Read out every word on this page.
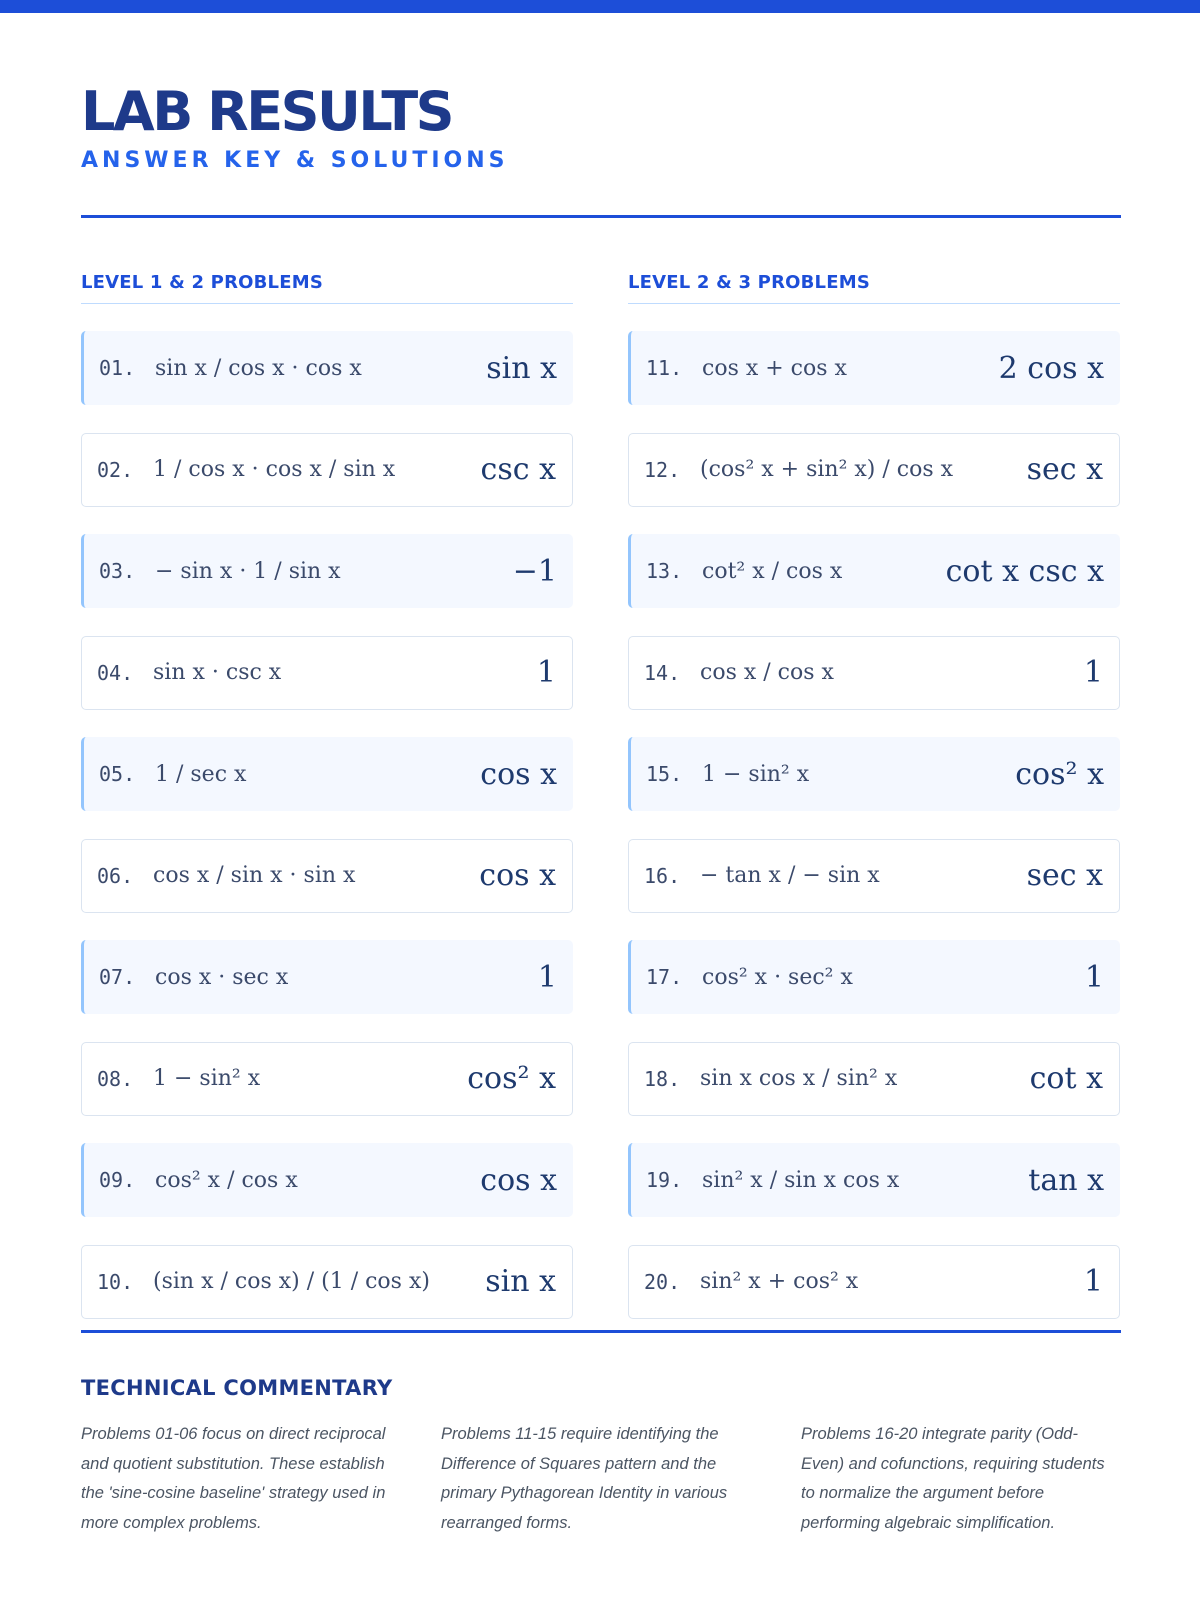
LAB RESULTS
ANSWER KEY & SOLUTIONS
LEVEL 1 & 2 PROBLEMS
01. sin x / cos x · cos x	sin x
02. 1 / cos x · cos x / sin x	csc x
03. − sin x · 1 / sin x	−1
04. sin x · csc x	1
05. 1 / sec x	cos x
06. cos x / sin x · sin x	cos x
07. cos x · sec x	1
08. 1 − sin² x	cos² x
09. cos² x / cos x	cos x
10. (sin x / cos x) / (1 / cos x)	sin x
LEVEL 2 & 3 PROBLEMS
11. cos x + cos x	2 cos x
12. (cos² x + sin² x) / cos x	sec x
13. cot² x / cos x	cot x csc x
14. cos x / cos x	1
15. 1 − sin² x	cos² x
16. − tan x / − sin x	sec x
17. cos² x · sec² x	1
18. sin x cos x / sin² x	cot x
19. sin² x / sin x cos x	tan x
20. sin² x + cos² x	1
TECHNICAL COMMENTARY
Problems 01-06 focus on direct reciprocal and quotient substitution. These establish the 'sine-cosine baseline' strategy used in more complex problems.
Problems 11-15 require identifying the Difference of Squares pattern and the primary Pythagorean Identity in various rearranged forms.
Problems 16-20 integrate parity (Odd-Even) and cofunctions, requiring students to normalize the argument before performing algebraic simplification.
